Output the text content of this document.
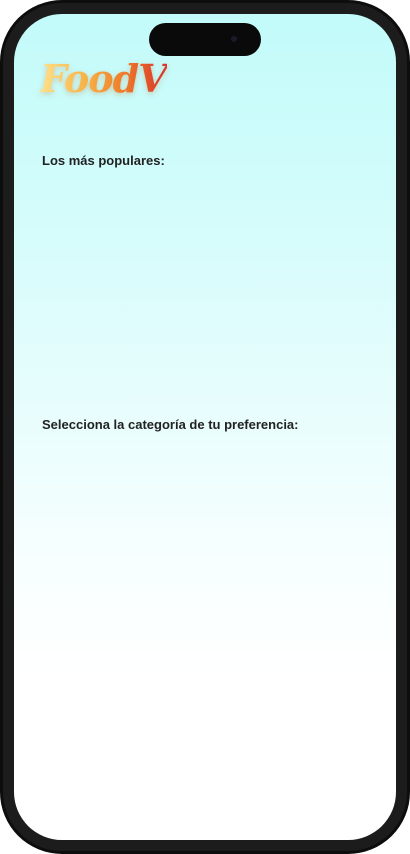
FoodV
Los más populares:
Selecciona la categoría de tu preferencia:
